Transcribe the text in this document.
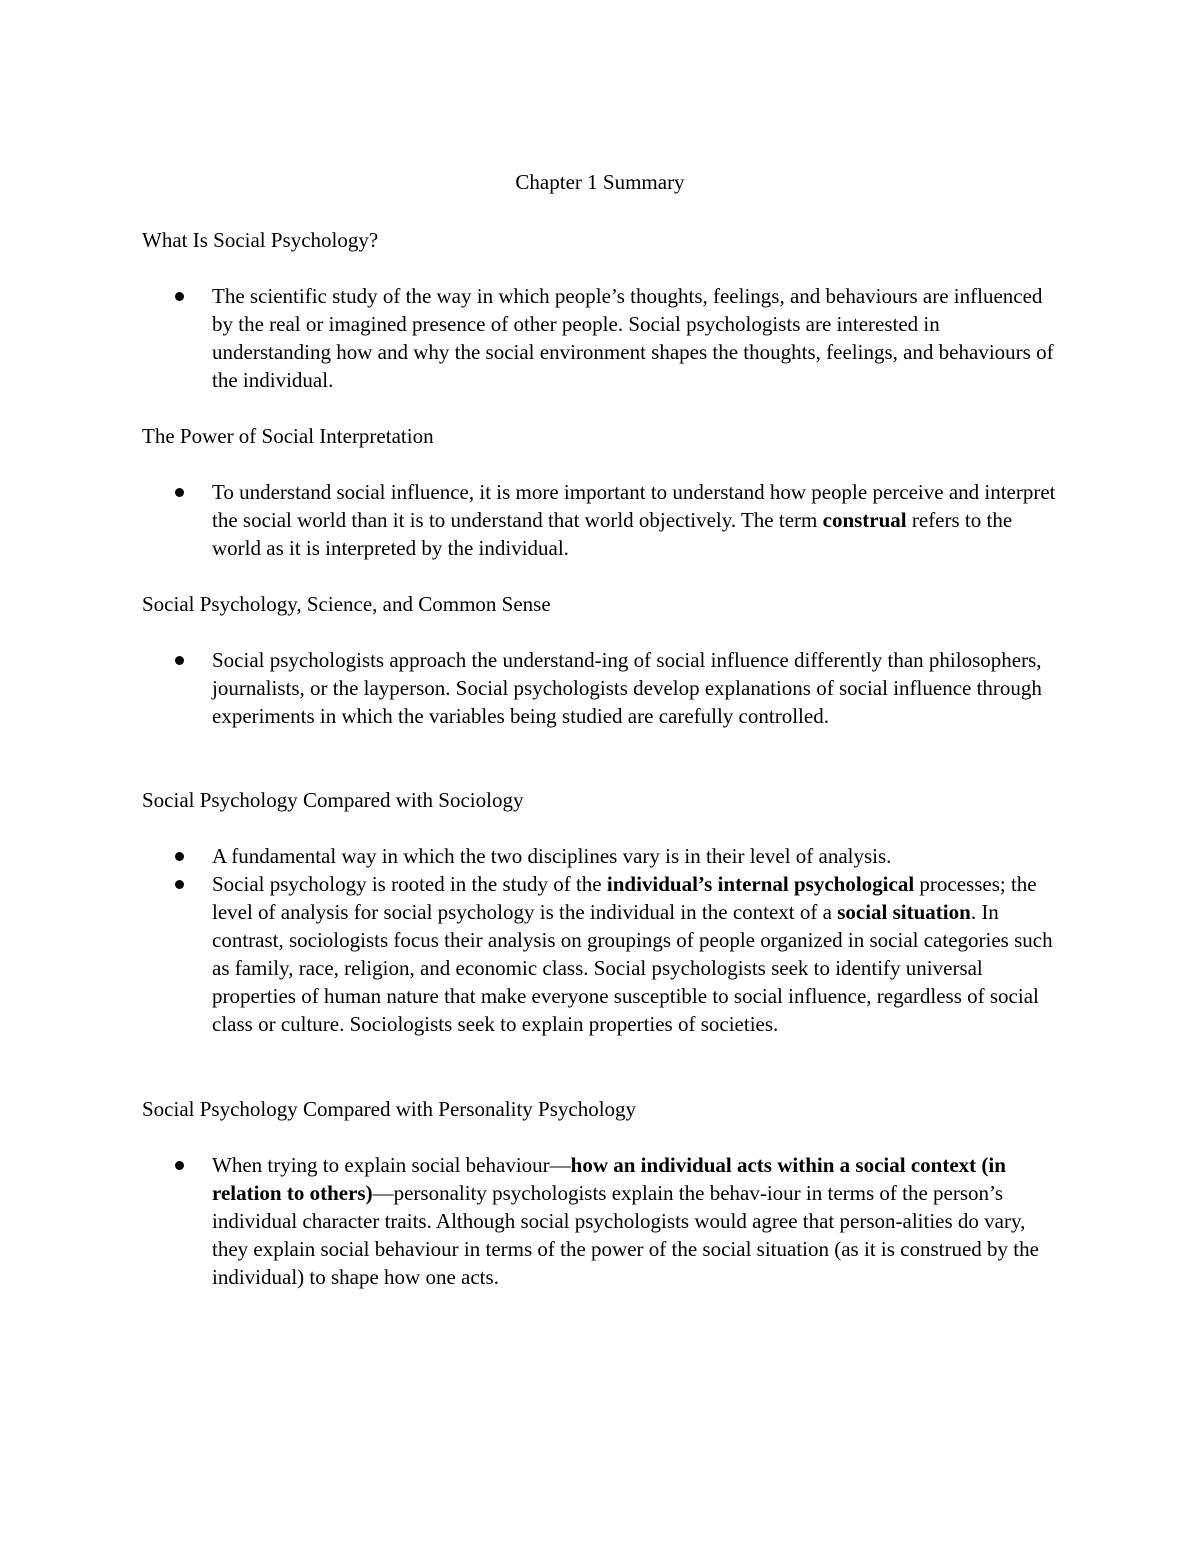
Chapter 1 Summary
What Is Social Psychology?
The scientific study of the way in which people’s thoughts, feelings, and behaviours are influenced by the real or imagined presence of other people. Social psychologists are interested in understanding how and why the social environment shapes the thoughts, feelings, and behaviours of the individual.
The Power of Social Interpretation
To understand social influence, it is more important to understand how people perceive and interpret the social world than it is to understand that world objectively. The term construal refers to the world as it is interpreted by the individual.
Social Psychology, Science, and Common Sense
Social psychologists approach the understand-ing of social influence differently than philosophers, journalists, or the layperson. Social psychologists develop explanations of social influence through experiments in which the variables being studied are carefully controlled.
Social Psychology Compared with Sociology
A fundamental way in which the two disciplines vary is in their level of analysis.
Social psychology is rooted in the study of the individual’s internal psychological processes; the level of analysis for social psychology is the individual in the context of a social situation. In contrast, sociologists focus their analysis on groupings of people organized in social categories such as family, race, religion, and economic class. Social psychologists seek to identify universal properties of human nature that make everyone susceptible to social influence, regardless of social class or culture. Sociologists seek to explain properties of societies.
Social Psychology Compared with Personality Psychology
When trying to explain social behaviour—how an individual acts within a social context (in relation to others)—personality psychologists explain the behav-iour in terms of the person’s individual character traits. Although social psychologists would agree that person-alities do vary, they explain social behaviour in terms of the power of the social situation (as it is construed by the individual) to shape how one acts.
